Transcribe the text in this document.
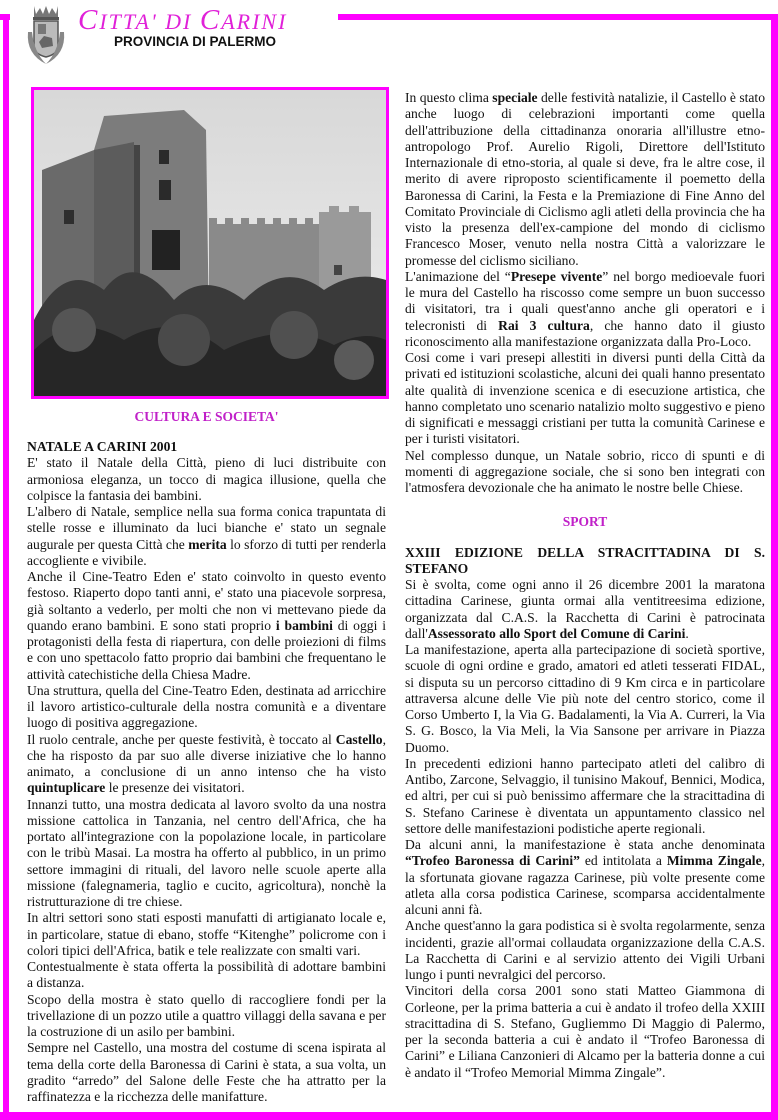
CITTA' DI CARINI
PROVINCIA DI PALERMO
CULTURA E SOCIETA'

NATALE A CARINI 2001

E' stato il Natale della Città, pieno di luci distribuite con armoniosa eleganza, un tocco di magica illusione, quella che colpisce la fantasia dei bambini.

L'albero di Natale, semplice nella sua forma conica trapuntata di stelle rosse e illuminato da luci bianche e' stato un segnale augurale per questa Città che merita lo sforzo di tutti per renderla accogliente e vivibile.

Anche il Cine-Teatro Eden e' stato coinvolto in questo evento festoso. Riaperto dopo tanti anni, e' stato una piacevole sorpresa, già soltanto a vederlo, per molti che non vi mettevano piede da quando erano bambini. E sono stati proprio i bambini di oggi i protagonisti della festa di riapertura, con delle proiezioni di films e con uno spettacolo fatto proprio dai bambini che frequentano le attività catechistiche della Chiesa Madre.

Una struttura, quella del Cine-Teatro Eden, destinata ad arricchire il lavoro artistico-culturale della nostra comunità e a diventare luogo di positiva aggregazione.

Il ruolo centrale, anche per queste festività, è toccato al Castello, che ha risposto da par suo alle diverse iniziative che lo hanno animato, a conclusione di un anno intenso che ha visto quintuplicare le presenze dei visitatori.

Innanzi tutto, una mostra dedicata al lavoro svolto da una nostra missione cattolica in Tanzania, nel centro dell'Africa, che ha portato all'integrazione con la popolazione locale, in particolare con le tribù Masai. La mostra ha offerto al pubblico, in un primo settore immagini di rituali, del lavoro nelle scuole aperte alla missione (falegnameria, taglio e cucito, agricoltura), nonchè la ristrutturazione di tre chiese.

In altri settori sono stati esposti manufatti di artigianato locale e, in particolare, statue di ebano, stoffe “Kitenghe” policrome con i colori tipici dell'Africa, batik e tele realizzate con smalti vari.

Contestualmente è stata offerta la possibilità di adottare bambini a distanza.

Scopo della mostra è stato quello di raccogliere fondi per la trivellazione di un pozzo utile a quattro villaggi della savana e per la costruzione di un asilo per bambini.

Sempre nel Castello, una mostra del costume di scena ispirata al tema della corte della Baronessa di Carini è stata, a sua volta, un gradito “arredo” del Salone delle Feste che ha attratto per la raffinatezza e la ricchezza delle manifatture.

In questo clima speciale delle festività natalizie, il Castello è stato anche luogo di celebrazioni importanti come quella dell'attribuzione della cittadinanza onoraria all'illustre etno-antropologo Prof. Aurelio Rigoli, Direttore dell'Istituto Internazionale di etno-storia, al quale si deve, fra le altre cose, il merito di avere riproposto scientificamente il poemetto della Baronessa di Carini, la Festa e la Premiazione di Fine Anno del Comitato Provinciale di Ciclismo agli atleti della provincia che ha visto la presenza dell'ex-campione del mondo di ciclismo Francesco Moser, venuto nella nostra Città a valorizzare le promesse del ciclismo siciliano.

L'animazione del “Presepe vivente” nel borgo medioevale fuori le mura del Castello ha riscosso come sempre un buon successo di visitatori, tra i quali quest'anno anche gli operatori e i telecronisti di Rai 3 cultura, che hanno dato il giusto riconoscimento alla manifestazione organizzata dalla Pro-Loco.

Cosi come i vari presepi allestiti in diversi punti della Città da privati ed istituzioni scolastiche, alcuni dei quali hanno presentato alte qualità di invenzione scenica e di esecuzione artistica, che hanno completato uno scenario natalizio molto suggestivo e pieno di significati e messaggi cristiani per tutta la comunità Carinese e per i turisti visitatori.

Nel complesso dunque, un Natale sobrio, ricco di spunti e di momenti di aggregazione sociale, che si sono ben integrati con l'atmosfera devozionale che ha animato le nostre belle Chiese.

SPORT

XXIII EDIZIONE DELLA STRACITTADINA DI S. STEFANO

Si è svolta, come ogni anno il 26 dicembre 2001 la maratona cittadina Carinese, giunta ormai alla ventitreesima edizione, organizzata dal C.A.S. la Racchetta di Carini è patrocinata dall'Assessorato allo Sport del Comune di Carini.

La manifestazione, aperta alla partecipazione di società sportive, scuole di ogni ordine e grado, amatori ed atleti tesserati FIDAL, si disputa su un percorso cittadino di 9 Km circa e in particolare attraversa alcune delle Vie più note del centro storico, come il Corso Umberto I, la Via G. Badalamenti, la Via A. Curreri, la Via S. G. Bosco, la Via Meli, la Via Sansone per arrivare in Piazza Duomo.

In precedenti edizioni hanno partecipato atleti del calibro di Antibo, Zarcone, Selvaggio, il tunisino Makouf, Bennici, Modica, ed altri, per cui si può benissimo affermare che la stracittadina di S. Stefano Carinese è diventata un appuntamento classico nel settore delle manifestazioni podistiche aperte regionali.

Da alcuni anni, la manifestazione è stata anche denominata “Trofeo Baronessa di Carini” ed intitolata a Mimma Zingale, la sfortunata giovane ragazza Carinese, più volte presente come atleta alla corsa podistica Carinese, scomparsa accidentalmente alcuni anni fà.

Anche quest'anno la gara podistica si è svolta regolarmente, senza incidenti, grazie all'ormai collaudata organizzazione della C.A.S. La Racchetta di Carini e al servizio attento dei Vigili Urbani lungo i punti nevralgici del percorso.

Vincitori della corsa 2001 sono stati Matteo Giammona di Corleone, per la prima batteria a cui è andato il trofeo della XXIII stracittadina di S. Stefano, Gugliemmo Di Maggio di Palermo, per la seconda batteria a cui è andato il “Trofeo Baronessa di Carini” e Liliana Canzonieri di Alcamo per la batteria donne a cui è andato il “Trofeo Memorial Mimma Zingale”.
